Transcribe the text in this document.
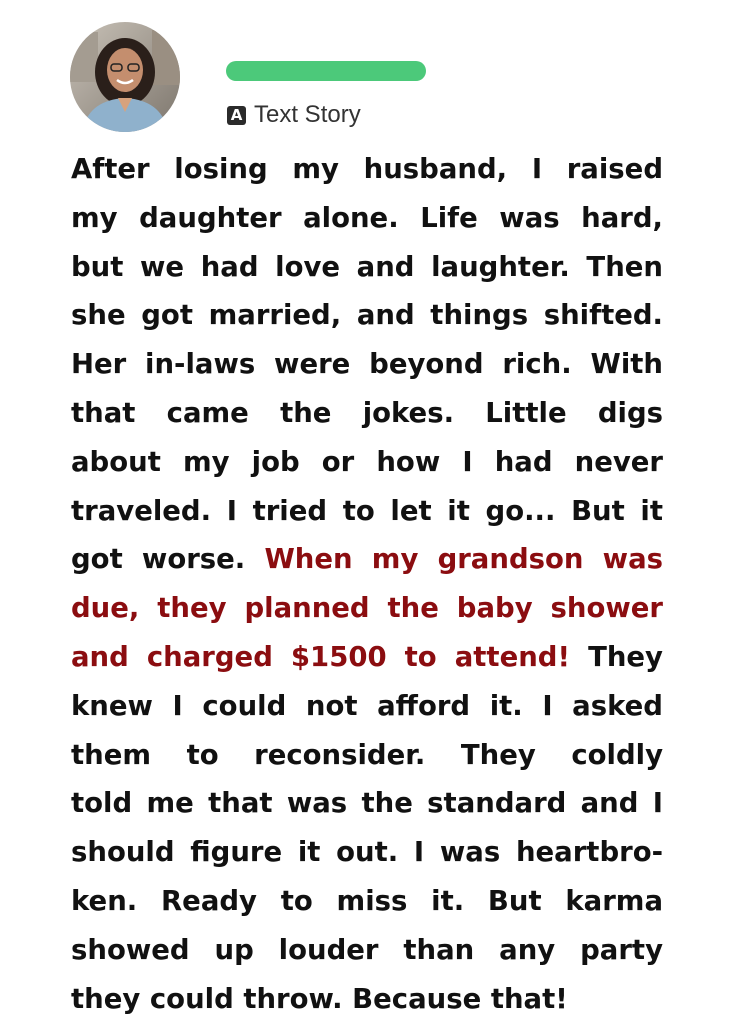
A Text Story
After losing my husband, I raised
my daughter alone. Life was hard,
but we had love and laughter. Then
she got married, and things shifted.
Her in-laws were beyond rich. With
that came the jokes. Little digs
about my job or how I had never
traveled. I tried to let it go... But it
got worse. When my grandson was
due, they planned the baby shower
and charged $1500 to attend! They
knew I could not afford it. I asked
them to reconsider. They coldly
told me that was the standard and I
should figure it out. I was heartbro-
ken. Ready to miss it. But karma
showed up louder than any party
they could throw. Because that!
